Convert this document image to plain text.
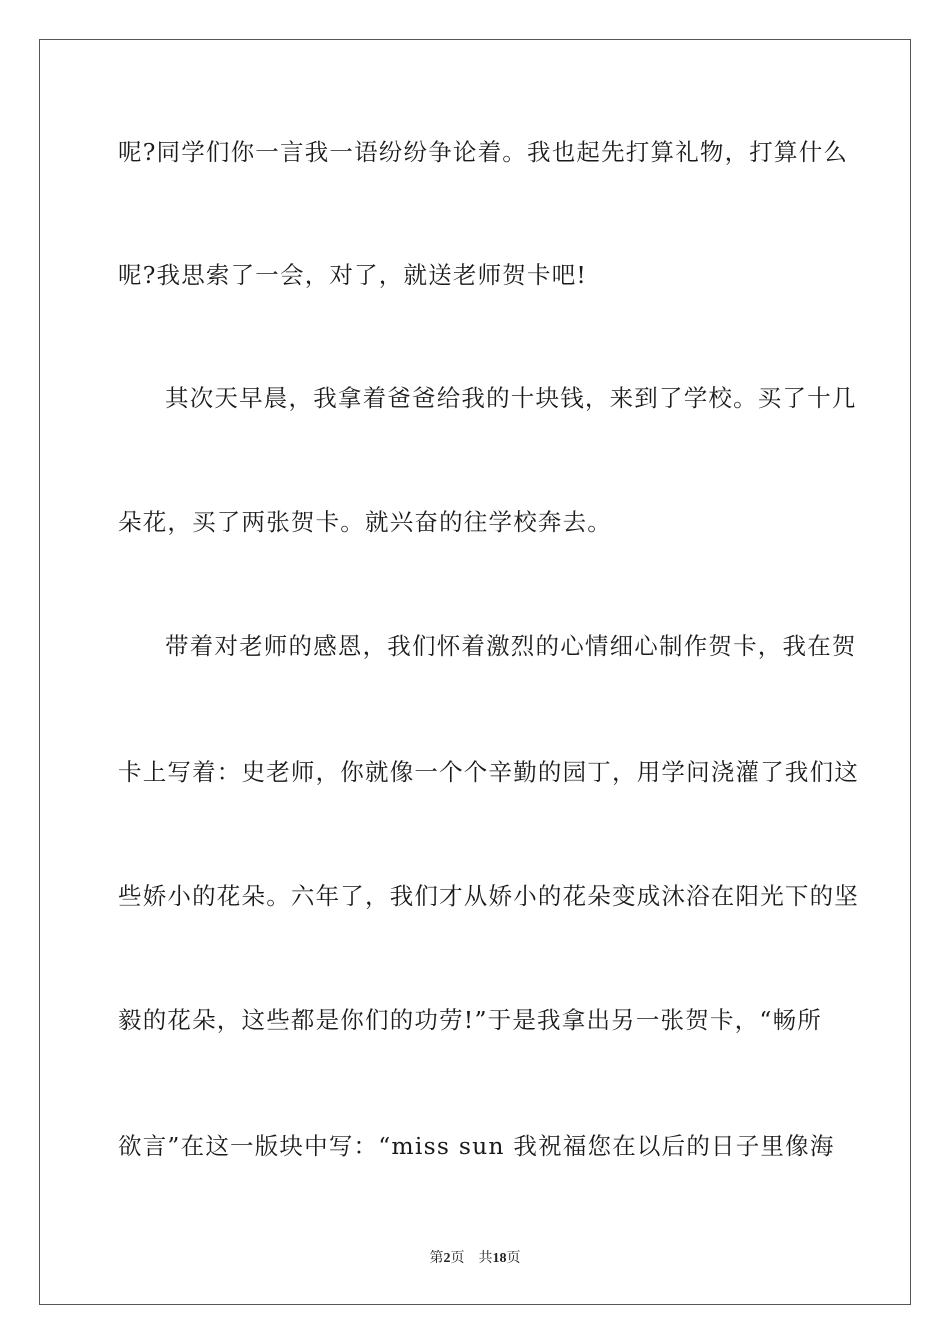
呢?同学们你一言我一语纷纷争论着。我也起先打算礼物，打算什么
呢?我思索了一会，对了，就送老师贺卡吧!
其次天早晨，我拿着爸爸给我的十块钱，来到了学校。买了十几
朵花，买了两张贺卡。就兴奋的往学校奔去。
带着对老师的感恩，我们怀着激烈的心情细心制作贺卡，我在贺
卡上写着：史老师，你就像一个个辛勤的园丁，用学问浇灌了我们这
些娇小的花朵。六年了，我们才从娇小的花朵变成沐浴在阳光下的坚
毅的花朵，这些都是你们的功劳!”于是我拿出另一张贺卡，“畅所
欲言”在这一版块中写：“miss sun 我祝福您在以后的日子里像海
第2页 共18页
